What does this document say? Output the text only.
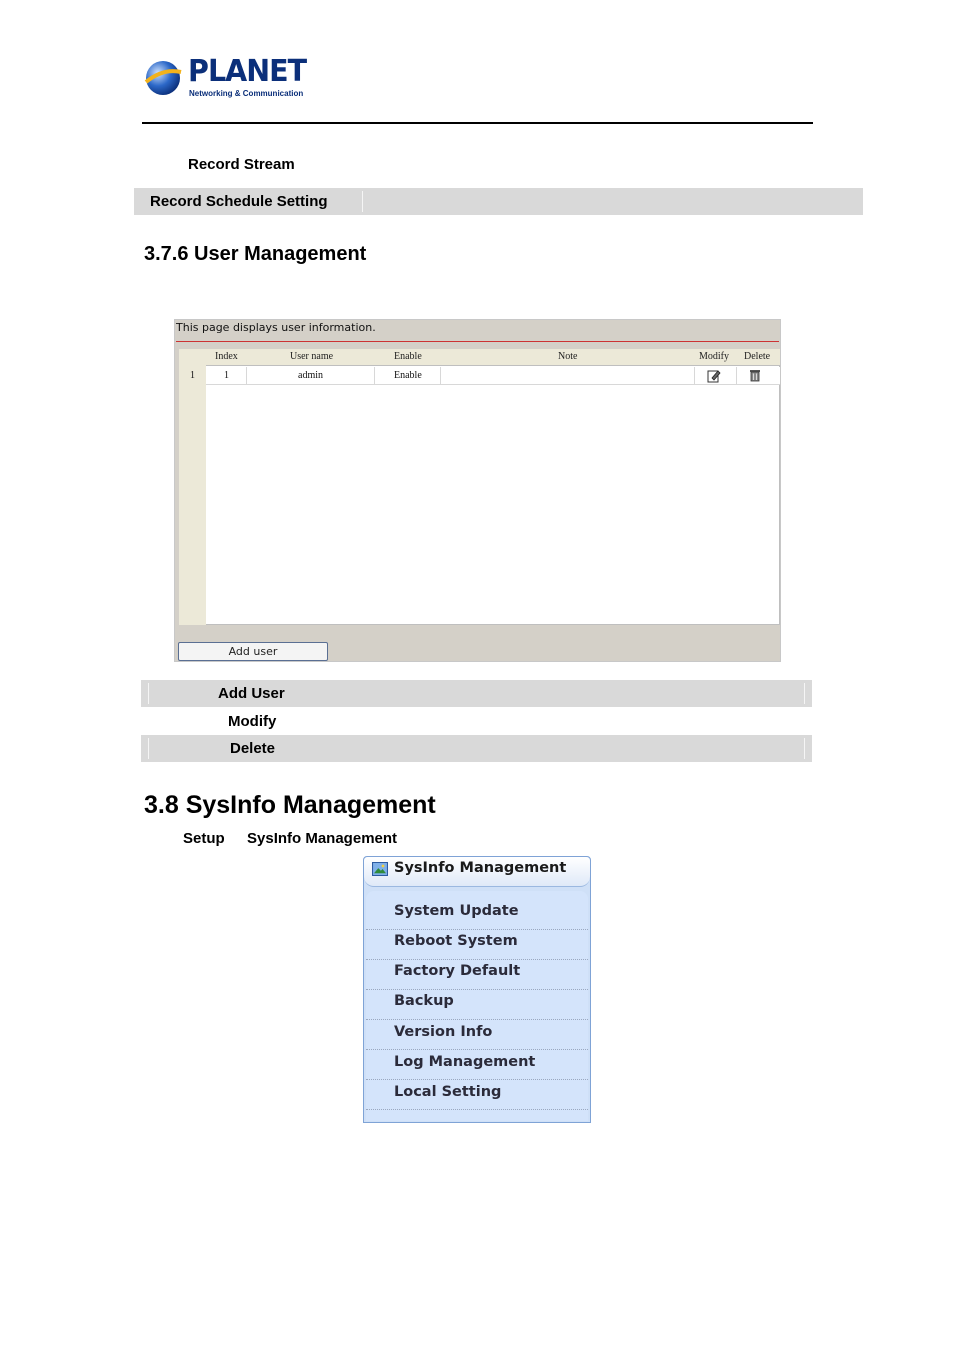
PLANET
Networking & Communication
Record Stream
Record Schedule Setting
3.7.6 User Management
This page displays user information.
Index	User name	Enable	Note	Modify Delete
1	1	admin	Enable
Add user
Add User
Modify
Delete
3.8 SysInfo Management
Setup SysInfo Management
SysInfo Management
System Update
Reboot System
Factory Default
Backup
Version Info
Log Management
Local Setting
